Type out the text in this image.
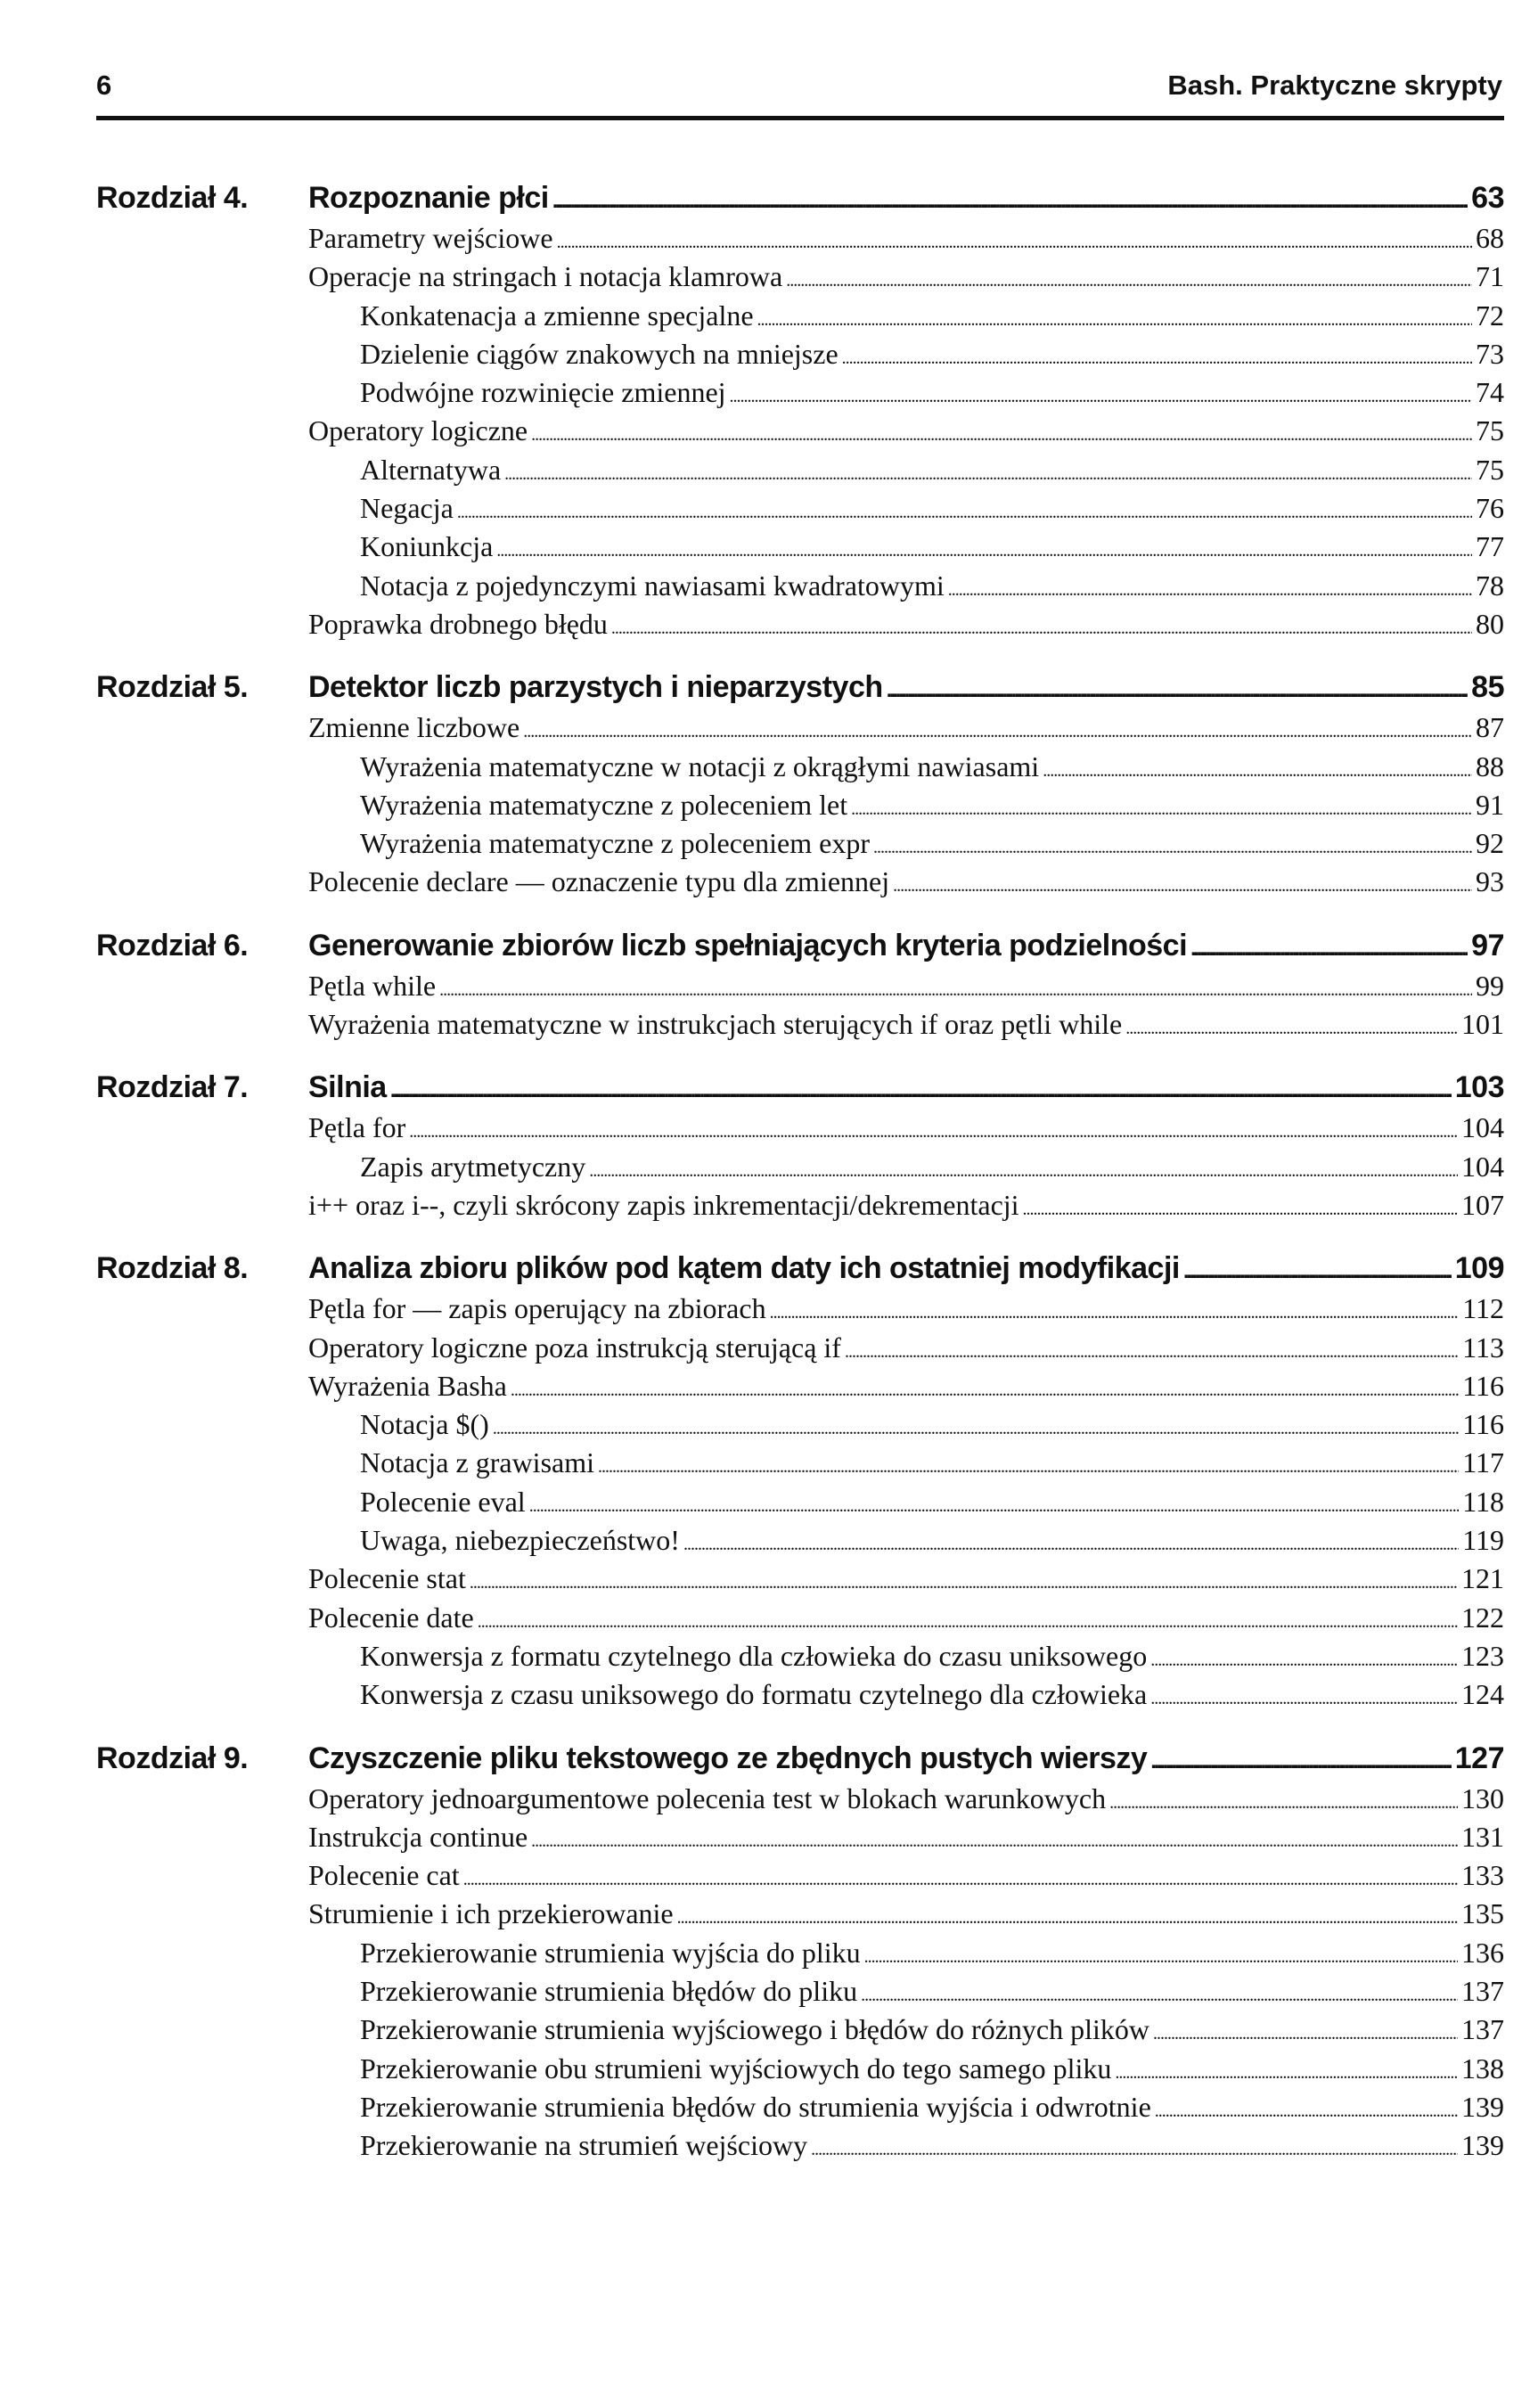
6	Bash. Praktyczne skrypty
Rozdział 4.	Rozpoznanie płci . . .	63
Parametry wejściowe . . .	68
Operacje na stringach i notacja klamrowa . . .	71
Konkatenacja a zmienne specjalne . . .	72
Dzielenie ciągów znakowych na mniejsze . . .	73
Podwójne rozwinięcie zmiennej . . .	74
Operatory logiczne . . .	75
Alternatywa . . .	75
Negacja . . .	76
Koniunkcja . . .	77
Notacja z pojedynczymi nawiasami kwadratowymi . . .	78
Poprawka drobnego błędu . . .	80
Rozdział 5.	Detektor liczb parzystych i nieparzystych . . .	85
Zmienne liczbowe . . .	87
Wyrażenia matematyczne w notacji z okrągłymi nawiasami . . .	88
Wyrażenia matematyczne z poleceniem let . . .	91
Wyrażenia matematyczne z poleceniem expr . . .	92
Polecenie declare — oznaczenie typu dla zmiennej . . .	93
Rozdział 6.	Generowanie zbiorów liczb spełniających kryteria podzielności . . .	97
Pętla while . . .	99
Wyrażenia matematyczne w instrukcjach sterujących if oraz pętli while . . .	101
Rozdział 7.	Silnia . . .	103
Pętla for . . .	104
Zapis arytmetyczny . . .	104
i++ oraz i--, czyli skrócony zapis inkrementacji/dekrementacji . . .	107
Rozdział 8.	Analiza zbioru plików pod kątem daty ich ostatniej modyfikacji . . .	109
Pętla for — zapis operujący na zbiorach . . .	112
Operatory logiczne poza instrukcją sterującą if . . .	113
Wyrażenia Basha . . .	116
Notacja $() . . .	116
Notacja z grawisami . . .	117
Polecenie eval . . .	118
Uwaga, niebezpieczeństwo! . . .	119
Polecenie stat . . .	121
Polecenie date . . .	122
Konwersja z formatu czytelnego dla człowieka do czasu uniksowego . . .	123
Konwersja z czasu uniksowego do formatu czytelnego dla człowieka . . .	124
Rozdział 9.	Czyszczenie pliku tekstowego ze zbędnych pustych wierszy . . .	127
Operatory jednoargumentowe polecenia test w blokach warunkowych . . .	130
Instrukcja continue . . .	131
Polecenie cat . . .	133
Strumienie i ich przekierowanie . . .	135
Przekierowanie strumienia wyjścia do pliku . . .	136
Przekierowanie strumienia błędów do pliku . . .	137
Przekierowanie strumienia wyjściowego i błędów do różnych plików . . .	137
Przekierowanie obu strumieni wyjściowych do tego samego pliku . . .	138
Przekierowanie strumienia błędów do strumienia wyjścia i odwrotnie . . .	139
Przekierowanie na strumień wejściowy . . .	139
